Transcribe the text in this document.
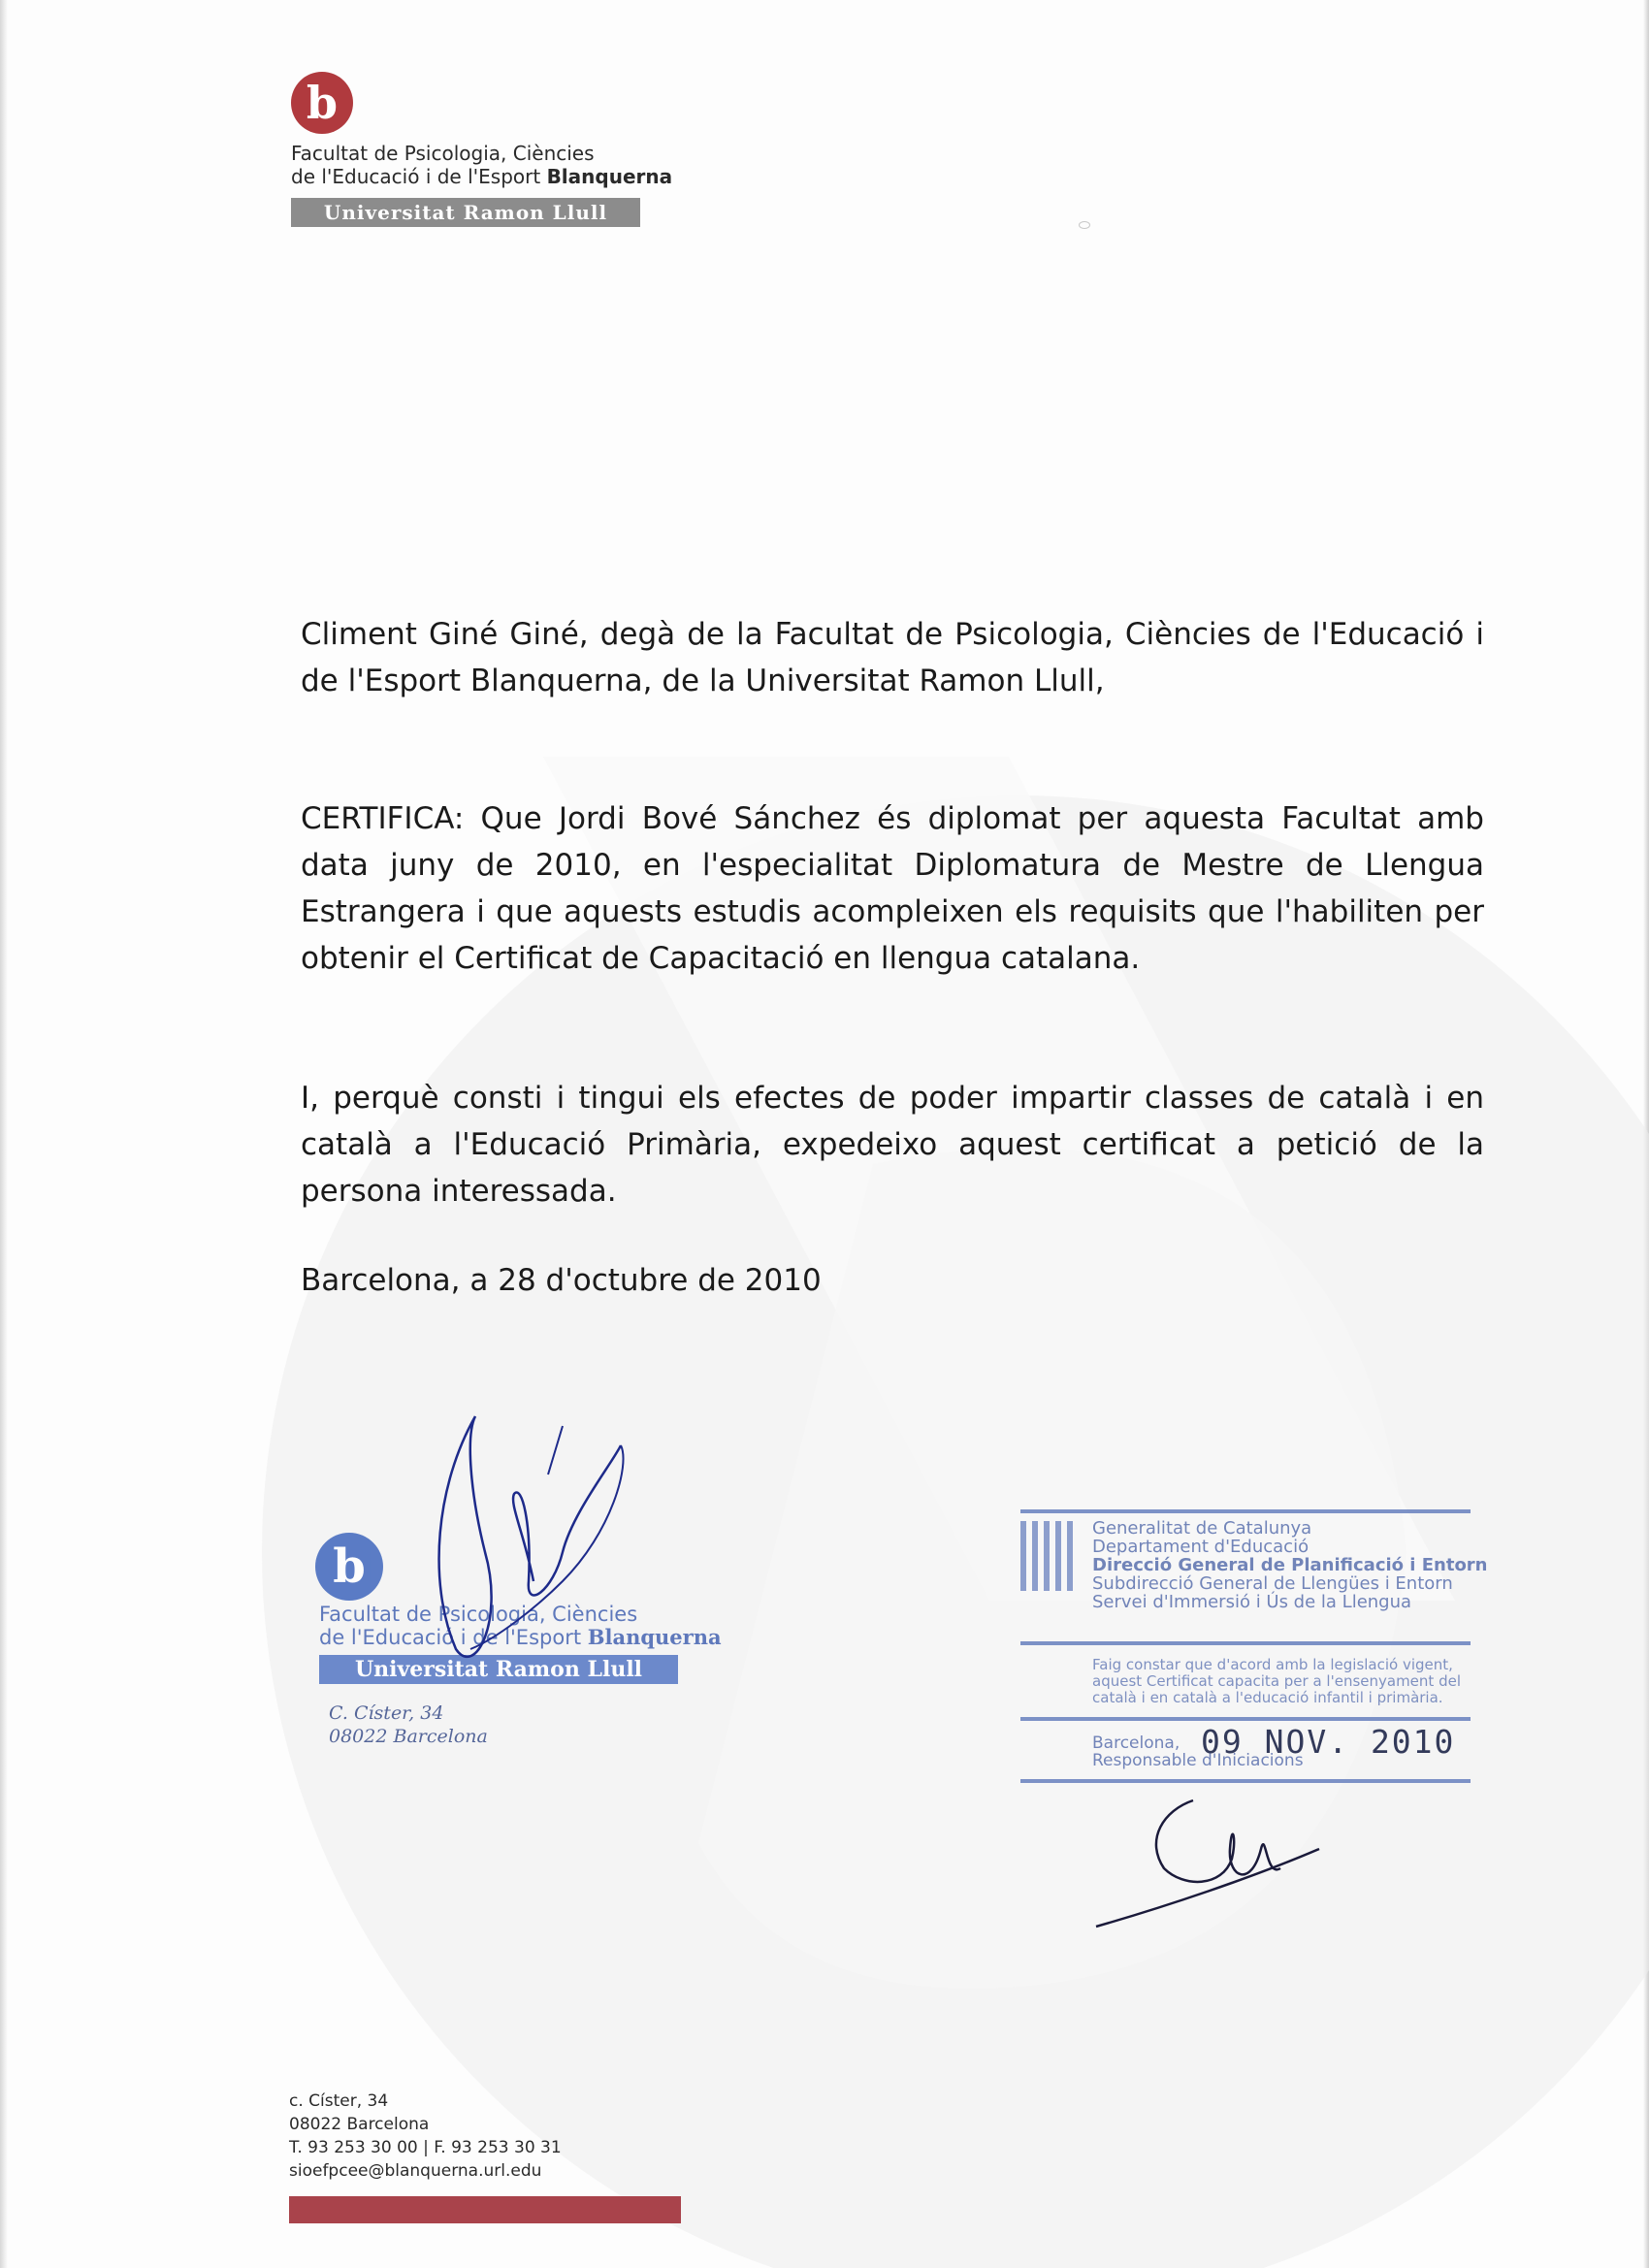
b
Facultat de Psicologia, Ciències
de l'Educació i de l'Esport Blanquerna
Universitat Ramon Llull
Climent Giné Giné, degà de la Facultat de Psicologia, Ciències de l'Educació i de l'Esport Blanquerna, de la Universitat Ramon Llull,
CERTIFICA: Que Jordi Bové Sánchez és diplomat per aquesta Facultat amb data juny de 2010, en l'especialitat Diplomatura de Mestre de Llengua Estrangera i que aquests estudis acompleixen els requisits que l'habiliten per obtenir el Certificat de Capacitació en llengua catalana.
I, perquè consti i tingui els efectes de poder impartir classes de català i en català a l'Educació Primària, expedeixo aquest certificat a petició de la persona interessada.
Barcelona, a 28 d'octubre de 2010
b
Facultat de Psicologia, Ciències
de l'Educació i de l'Esport Blanquerna
Universitat Ramon Llull
C. Císter, 34
08022 Barcelona
Generalitat de Catalunya
Departament d'Educació
Direcció General de Planificació i Entorn
Subdirecció General de Llengües i Entorn
Servei d'Immersió i Ús de la Llengua
Faig constar que d'acord amb la legislació vigent,
aquest Certificat capacita per a l'ensenyament del
català i en català a l'educació infantil i primària.
Barcelona,
Responsable d'Iniciacions
09 NOV. 2010
c. Císter, 34
08022 Barcelona
T. 93 253 30 00 | F. 93 253 30 31
sioefpcee@blanquerna.url.edu
